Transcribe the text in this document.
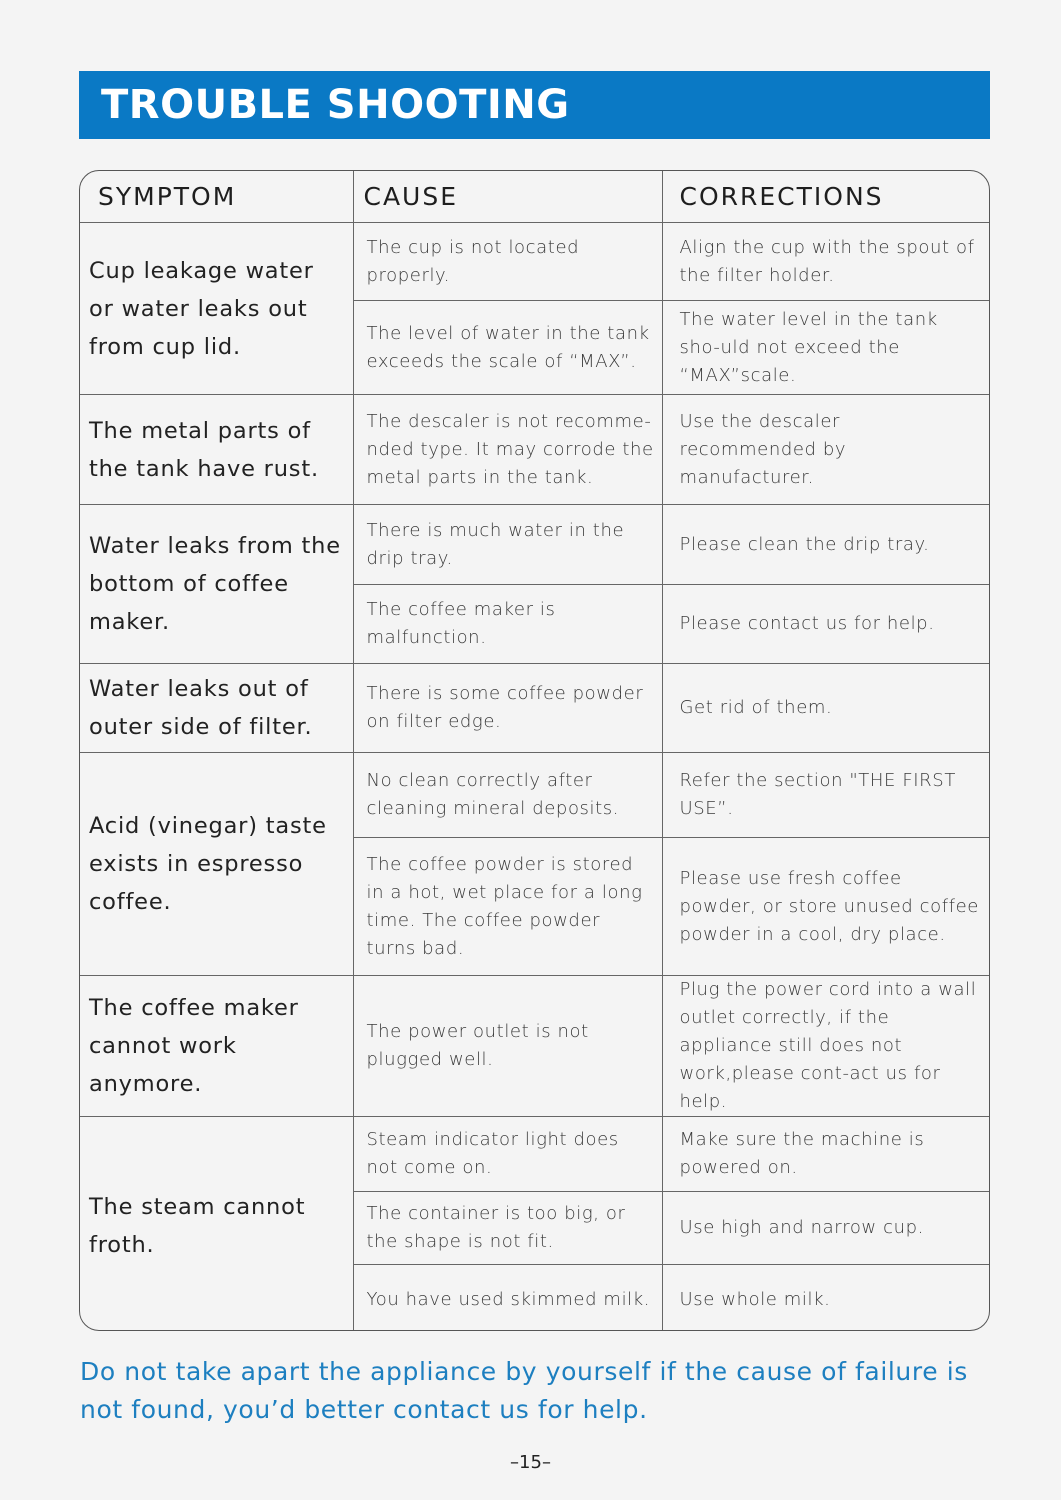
TROUBLE SHOOTING
SYMPTOM	CAUSE	CORRECTIONS
Cup leakage water or water leaks out from cup lid.	The cup is not located properly.	Align the cup with the spout of the filter holder.
	The level of water in the tank exceeds the scale of “MAX”.	The water level in the tank sho-uld not exceed the “MAX”scale.
The metal parts of the tank have rust.	The descaler is not recomme-nded type. It may corrode the metal parts in the tank.	Use the descaler recommended by manufacturer.
Water leaks from the bottom of coffee maker.	There is much water in the drip tray.	Please clean the drip tray.
	The coffee maker is malfunction.	Please contact us for help.
Water leaks out of outer side of filter.	There is some coffee powder on filter edge.	Get rid of them.
Acid (vinegar) taste exists in espresso coffee.	No clean correctly after cleaning mineral deposits.	Refer the section "THE FIRST USE”.
	The coffee powder is stored in a hot, wet place for a long time. The coffee powder turns bad.	Please use fresh coffee powder, or store unused coffee powder in a cool, dry place.
The coffee maker cannot work anymore.	The power outlet is not plugged well.	Plug the power cord into a wall outlet correctly, if the appliance still does not work,please cont-act us for help.
The steam cannot froth.	Steam indicator light does not come on.	Make sure the machine is powered on.
	The container is too big, or the shape is not fit.	Use high and narrow cup.
	You have used skimmed milk.	Use whole milk.
Do not take apart the appliance by yourself if the cause of failure is not found, you’d better contact us for help.
–15–
